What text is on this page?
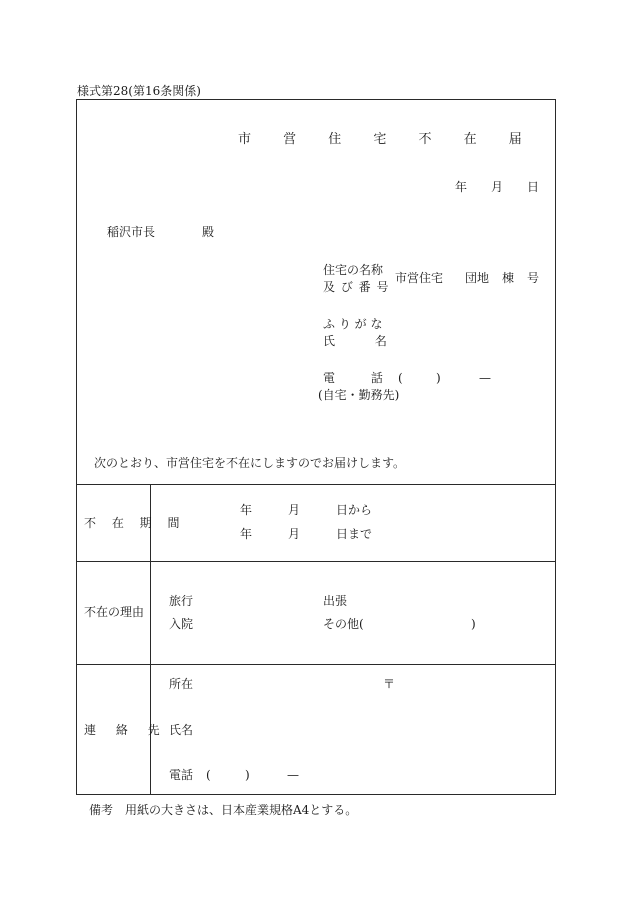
様式第28(第16条関係)
市 営 住 宅 不 在 届
年 月 日
稲沢市長	殿
住宅の名称
及 び 番 号
市営住宅 団地 棟 号
ふ り が な
氏 名
電 話 (	)	—
(自宅・勤務先)
次のとおり、市営住宅を不在にしますのでお届けします。
不 在 期 間
年	月	日から
年	月	日まで
不在の理由
旅行	出張
入院	その他(	)
連 絡 先
所在	〒
氏名
電話 (	)	—
備考　用紙の大きさは、日本産業規格A4とする。
